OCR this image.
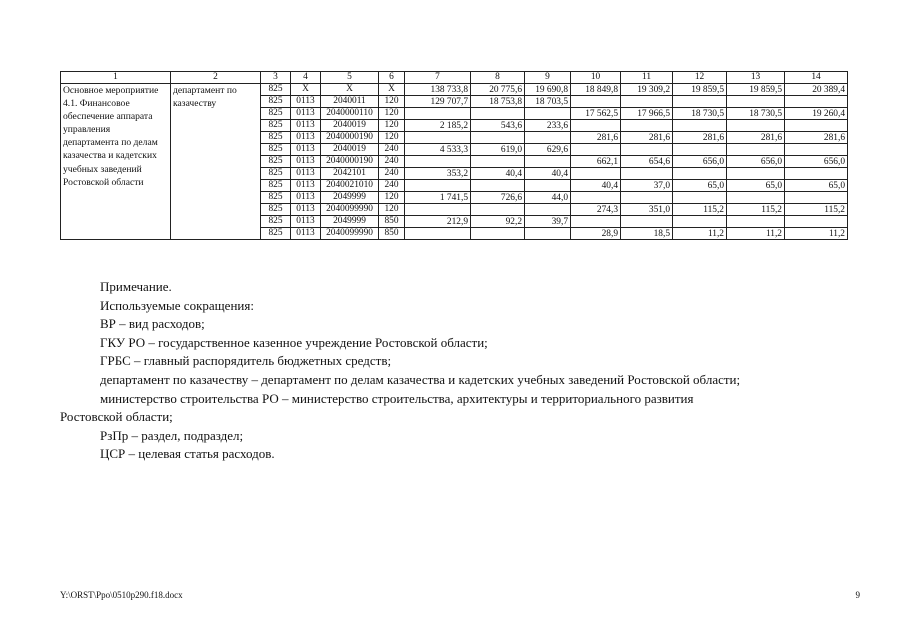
1	2	3	4	5	6	7	8	9	10	11	12	13	14
Основное мероприятие 4.1. Финансовое обеспечение аппарата управления департамента по делам казачества и кадетских учебных заведений Ростовской области	департамент по казачеству	825	X	X	X	138 733,8	20 775,6	19 690,8	18 849,8	19 309,2	19 859,5	19 859,5	20 389,4
		825	0113	2040011	120	129 707,7	18 753,8	18 703,5					
		825	0113	2040000110	120				17 562,5	17 966,5	18 730,5	18 730,5	19 260,4
		825	0113	2040019	120	2 185,2	543,6	233,6					
		825	0113	2040000190	120				281,6	281,6	281,6	281,6	281,6
		825	0113	2040019	240	4 533,3	619,0	629,6					
		825	0113	2040000190	240				662,1	654,6	656,0	656,0	656,0
		825	0113	2042101	240	353,2	40,4	40,4					
		825	0113	2040021010	240				40,4	37,0	65,0	65,0	65,0
		825	0113	2049999	120	1 741,5	726,6	44,0					
		825	0113	2040099990	120				274,3	351,0	115,2	115,2	115,2
		825	0113	2049999	850	212,9	92,2	39,7					
		825	0113	2040099990	850				28,9	18,5	11,2	11,2	11,2

Примечание.

Используемые сокращения:

ВР – вид расходов;

ГКУ РО – государственное казенное учреждение Ростовской области;

ГРБС – главный распорядитель бюджетных средств;

департамент по казачеству – департамент по делам казачества и кадетских учебных заведений Ростовской области;

министерство строительства РО – министерство строительства, архитектуры и территориального развития
Ростовской области;

РзПр – раздел, подраздел;

ЦСР – целевая статья расходов.

Y:\ORST\Ppo\0510p290.f18.docx	9
